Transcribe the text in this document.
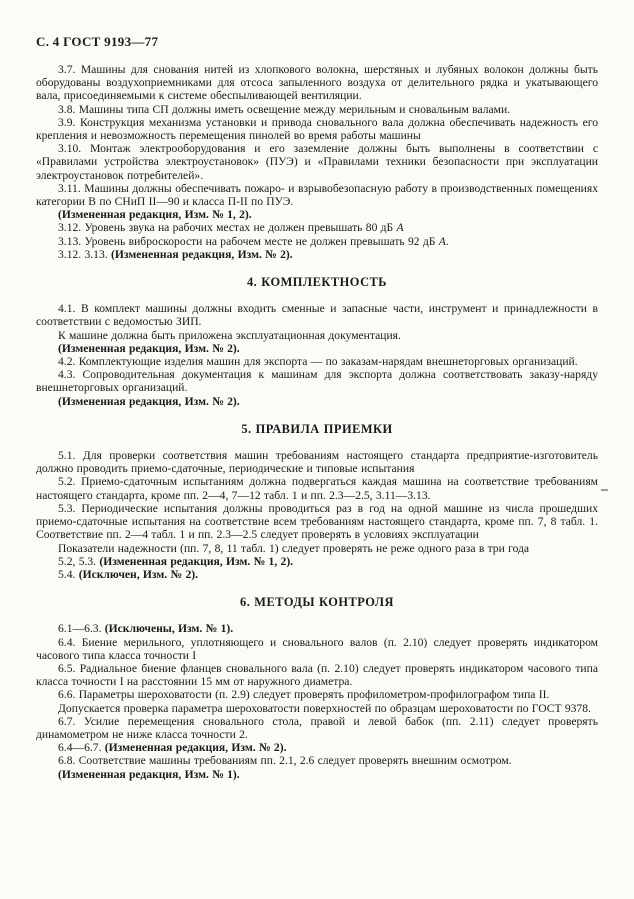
С. 4 ГОСТ 9193—77

3.7. Машины для снования нитей из хлопкового волокна, шерстяных и лубяных волокон должны быть оборудованы воздухоприемниками для отсоса запыленного воздуха от делительного рядка и укатывающего вала, присоединяемыми к системе обеспыливающей вентиляции.

3.8. Машины типа СП должны иметь освещение между мерильным и сновальным валами.

3.9. Конструкция механизма установки и привода сновального вала должна обеспечивать надежность его крепления и невозможность перемещения пинолей во время работы машины

3.10. Монтаж электрооборудования и его заземление должны быть выполнены в соответствии с «Правилами устройства электроустановок» (ПУЭ) и «Правилами техники безопасности при эксплуатации электроустановок потребителей».

3.11. Машины должны обеспечивать пожаро- и взрывобезопасную работу в производственных помещениях категории В по СНиП II—90 и класса П-II по ПУЭ.

(Измененная редакция, Изм. № 1, 2).

3.12. Уровень звука на рабочих местах не должен превышать 80 дБ А

3.13. Уровень виброскорости на рабочем месте не должен превышать 92 дБ А.

3.12. 3.13. (Измененная редакция, Изм. № 2).

4. КОМПЛЕКТНОСТЬ

4.1. В комплект машины должны входить сменные и запасные части, инструмент и принадлежности в соответствии с ведомостью ЗИП.

К машине должна быть приложена эксплуатационная документация.

(Измененная редакция, Изм. № 2).

4.2. Комплектующие изделия машин для экспорта — по заказам-нарядам внешнеторговых организаций.

4.3. Сопроводительная документация к машинам для экспорта должна соответствовать заказу-наряду внешнеторговых организаций.

(Измененная редакция, Изм. № 2).

5. ПРАВИЛА ПРИЕМКИ

5.1. Для проверки соответствия машин требованиям настоящего стандарта предприятие-изготовитель должно проводить приемо-сдаточные, периодические и типовые испытания

5.2. Приемо-сдаточным испытаниям должна подвергаться каждая машина на соответствие требованиям настоящего стандарта, кроме пп. 2—4, 7—12 табл. 1 и пп. 2.3—2.5, 3.11—3.13.

5.3. Периодические испытания должны проводиться раз в год на одной машине из числа прошедших приемо-сдаточные испытания на соответствие всем требованиям настоящего стандарта, кроме пп. 7, 8 табл. 1. Соответствие пп. 2—4 табл. 1 и пп. 2.3—2.5 следует проверять в условиях эксплуатации

Показатели надежности (пп. 7, 8, 11 табл. 1) следует проверять не реже одного раза в три года

5.2, 5.3. (Измененная редакция, Изм. № 1, 2).

5.4. (Исключен, Изм. № 2).

6. МЕТОДЫ КОНТРОЛЯ

6.1—6.3. (Исключены, Изм. № 1).

6.4. Биение мерильного, уплотняющего и сновального валов (п. 2.10) следует проверять индикатором часового типа класса точности I

6.5. Радиальное биение фланцев сновального вала (п. 2.10) следует проверять индикатором часового типа класса точности I на расстоянии 15 мм от наружного диаметра.

6.6. Параметры шероховатости (п. 2.9) следует проверять профилометром-профилографом типа II.

Допускается проверка параметра шероховатости поверхностей по образцам шероховатости по ГОСТ 9378.

6.7. Усилие перемещения сновального стола, правой и левой бабок (пп. 2.11) следует проверять динамометром не ниже класса точности 2.

6.4—6.7. (Измененная редакция, Изм. № 2).

6.8. Соответствие машины требованиям пп. 2.1, 2.6 следует проверять внешним осмотром.

(Измененная редакция, Изм. № 1).
